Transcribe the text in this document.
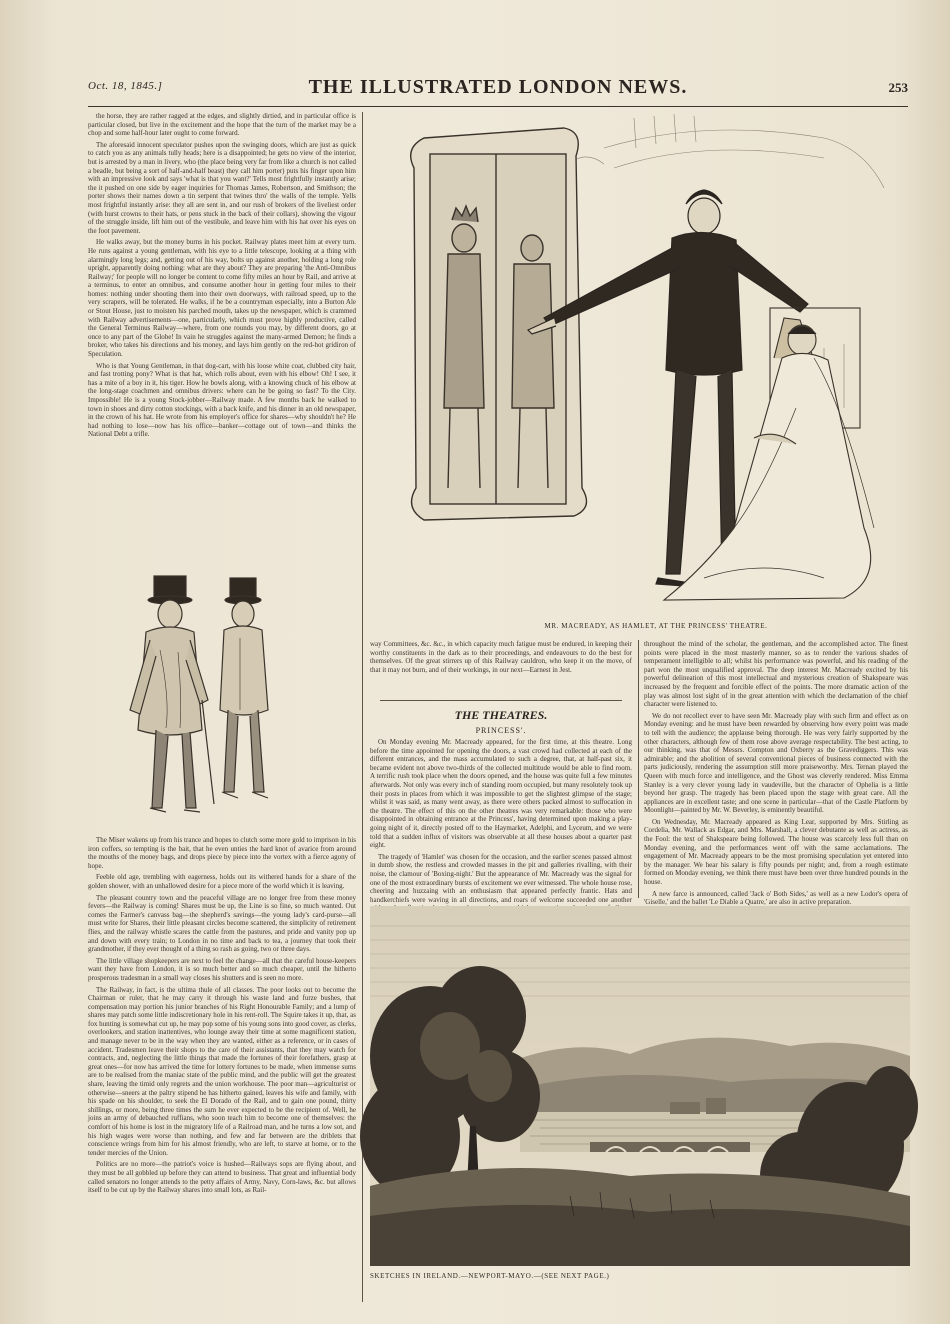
Oct. 18, 1845.]	THE ILLUSTRATED LONDON NEWS.	253

the horse, they are rather ragged at the edges, and slightly dirtied, and in particular office is particular closed, but live in the excitement and the hope that the turn of the market may be a chop and some half-hour later ought to come forward.

The aforesaid innocent speculator pushes upon the swinging doors, which are just as quick to catch you as any animals tully heads; here is a disappointed; he gets no view of the interior, but is arrested by a man in livery, who (the place being very far from like a church is not called a beadle, but being a sort of half-and-half beast) they call him porter) puts his finger upon him with an impressive look and says 'what is that you want?' Tells most frightfully instantly arise; the it pushed on one side by eager inquiries for Thomas James, Robertson, and Smithson; the porter shows their names down a tin serpent that twines thro' the walls of the temple. Yells most frightful instantly arise: they all are sent in, and our rush of brokers of the liveliest order (with hurst crowns to their hats, or pens stuck in the back of their collars), showing the vigour of the struggle inside, lift him out of the vestibule, and leave him with his hat over his eyes on the foot pavement.

He walks away, but the money burns in his pocket. Railway plates meet him at every turn. He runs against a young gentleman, with his eye to a little telescope, looking at a thing with alarmingly long legs; and, getting out of his way, bolts up against another, holding a long role upright, apparently doing nothing: what are they about? They are preparing 'the Anti-Omnibus Railway;' for people will no longer be content to come fifty miles an hour by Rail, and arrive at a terminus, to enter an omnibus, and consume another hour in getting four miles to their homes: nothing under shooting them into their own doorways, with railroad speed, up to the very scrapers, will be tolerated. He walks, if he be a countryman especially, into a Burton Ale or Stout House, just to moisten his parched mouth, takes up the newspaper, which is crammed with Railway advertisements—one, particularly, which must prove highly productive, called the General Terminus Railway—where, from one rounds you may, by different doors, go at once to any part of the Globe! In vain he struggles against the many-armed Demon; he finds a broker, who takes his directions and his money, and lays him gently on the red-hot gridiron of Speculation.

Who is that Young Gentleman, in that dog-cart, with his loose white coat, clubbed city hair, and fast trotting pony? What is that hat, which rolls about, even with his elbow! Oh! I see, it has a mite of a boy in it, his tiger. How he bowls along, with a knowing chuck of his elbow at the long-stage coachmen and omnibus drivers: where can he be going so fast? To the City. Impossible! He is a young Stock-jobber—Railway made. A few months back he walked to town in shoes and dirty cotton stockings, with a back knife, and his dinner in an old newspaper, in the crown of his hat. He wrote from his employer's office for shares—why shouldn't he? He had nothing to lose—now has his office—banker—cottage out of town—and thinks the National Debt a trifle.

The Miser wakens up from his trance and hopes to clutch some more gold to imprison in his iron coffers, so tempting is the bait, that he even unties the hard knot of avarice from around the mouths of the money bags, and drops piece by piece into the vortex with a fierce agony of hope.

Feeble old age, trembling with eagerness, holds out its withered hands for a share of the golden shower, with an unhallowed desire for a piece more of the world which it is leaving.

The pleasant country town and the peaceful village are no longer free from these money fevers—the Railway is coming! Shares must be up, the Line is so fine, so much wanted. Out comes the Farmer's canvass bag—the shepherd's savings—the young lady's card-purse—all must write for Shares, their little pleasant circles become scattered, the simplicity of retirement flies, and the railway whistle scares the cattle from the pastures, and pride and vanity pop up and down with every train; to London in no time and back to tea, a journey that took their grandmother, if they ever thought of a thing so rash as going, two or three days.

The little village shopkeepers are next to feel the change—all that the careful house-keepers want they have from London, it is so much better and so much cheaper, until the hitherto prosperous tradesman in a small way closes his shutters and is seen no more.

The Railway, in fact, is the ultima thule of all classes. The poor looks out to become the Chairman or ruler, that he may carry it through his waste land and furze bushes, that compensation may portion his junior branches of his Right Honourable Family; and a lump of shares may patch some little indiscretionary hole in his rent-roll. The Squire takes it up, that, as fox hunting is somewhat cut up, he may pop some of his young sons into good cover, as clerks, overlookers, and station inattentives, who lounge away their time at some magnificent station, and manage never to be in the way when they are wanted, either as a reference, or in cases of accident. Tradesmen leave their shops to the care of their assistants, that they may watch for contracts, and, neglecting the little things that made the fortunes of their forefathers, grasp at great ones—for now has arrived the time for lottery fortunes to be made, when immense sums are to be realised from the maniac state of the public mind, and the public will get the greatest share, leaving the timid only regrets and the union workhouse. The poor man—agriculturist or otherwise—sneers at the paltry stipend he has hitherto gained, leaves his wife and family, with his spade on his shoulder, to seek the El Dorado of the Rail, and to gain one pound, thirty shillings, or more, being three times the sum he ever expected to be the recipient of. Well, he joins an army of debauched ruffians, who soon teach him to become one of themselves: the comfort of his home is lost in the migratory life of a Railroad man, and he turns a low sot, and his high wages were worse than nothing, and few and far between are the driblets that conscience wrings from him for his almost friendly, who are left, to starve at home, or to the tender mercies of the Union.

Politics are no more—the patriot's voice is hushed—Railways sops are flying about, and they must be all gobbled up before they can attend to business. That great and influential body called senators no longer attends to the petty affairs of Army, Navy, Corn-laws, &c. but allows itself to be cut up by the Railway shares into small lots, as Rail-

MR. MACREADY, AS HAMLET, AT THE PRINCESS' THEATRE.

way Committees, &c. &c., in which capacity much fatigue must be endured, in keeping their worthy constituents in the dark as to their proceedings, and endeavours to do the best for themselves. Of the great stirrers up of this Railway cauldron, who keep it on the move, of that it may not burn, and of their workings, in our next—Earnest in Jest.

THE THEATRES.
PRINCESS'.

On Monday evening Mr. Macready appeared, for the first time, at this theatre. Long before the time appointed for opening the doors, a vast crowd had collected at each of the different entrances, and the mass accumulated to such a degree, that, at half-past six, it became evident not above two-thirds of the collected multitude would be able to find room. A terrific rush took place when the doors opened, and the house was quite full a few minutes afterwards. Not only was every inch of standing room occupied, but many resolutely took up their posts in places from which it was impossible to get the slightest glimpse of the stage; whilst it was said, as many went away, as there were others packed almost to suffocation in the theatre. The effect of this on the other theatres was very remarkable: those who were disappointed in obtaining entrance at the Princess', having determined upon making a play-going night of it, directly posted off to the Haymarket, Adelphi, and Lyceum, and we were told that a sudden influx of visitors was observable at all these houses about a quarter past eight.

The tragedy of 'Hamlet' was chosen for the occasion, and the earlier scenes passed almost in dumb show, the restless and crowded masses in the pit and galleries rivalling, with their noise, the clamour of 'Boxing-night.' But the appearance of Mr. Macready was the signal for one of the most extraordinary bursts of excitement we ever witnessed. The whole house rose, cheering and huzzaing with an enthusiasm that appeared perfectly frantic. Hats and handkerchiefs were waving in all directions, and roars of welcome succeeded one another

throughout the mind of the scholar, the gentleman, and the accomplished actor. The finest points were placed in the most masterly manner, so as to render the various shades of temperament intelligible to all; whilst his performance was powerful, and his reading of the part won the most unqualified approval. The deep interest Mr. Macready excited by his powerful delineation of this most intellectual and mysterious creation of Shakspeare was increased by the frequent and forcible effect of the points. The more dramatic action of the play was almost lost sight of in the great attention with which the declamation of the chief character were listened to.

We do not recollect ever to have seen Mr. Macready play with such firm and effect as on Monday evening: and he must have been rewarded by observing how every point was made to tell with the audience; the applause being thorough. He was very fairly supported by the other characters, although few of them rose above average respectability. The best acting, to our thinking, was that of Messrs. Compton and Oxberry as the Gravediggers. This was admirable; and the abolition of several conventional pieces of business connected with the parts judiciously, rendering the assumption still more praiseworthy. Mrs. Ternan played the Queen with much force and intelligence, and the Ghost was cleverly rendered. Miss Emma Stanley is a very clever young lady in vaudeville, but the character of Ophelia is a little beyond her grasp. The tragedy has been placed upon the stage with great care. All the appliances are in excellent taste; and one scene in particular—that of the Castle Platform by Moonlight—painted by Mr. W. Beverley, is eminently beautiful.

On Wednesday, Mr. Macready appeared as King Lear, supported by Mrs. Stirling as Cordelia, Mr. Wallack as Edgar, and Mrs. Marshall, a clever debutante as well as actress, as the Fool: the text of Shakspeare being followed. The house was scarcely less full than on Monday evening, and the performances went off with the same acclamations. The engagement of Mr. Macready appears to be the most promising speculation yet entered into by the manager. We hear his salary is fifty pounds per night; and, from a rough estimate formed on Monday evening, we think there must have been over three hundred pounds in the house.

A new farce is announced, called 'Jack o' Both Sides,' as well as a new Lodor's opera of 'Giselle,' and the ballet 'Le Diable a Quatre,' are also in active preparation.

SKETCHES IN IRELAND.—NEWPORT-MAYO.—(SEE NEXT PAGE.)
